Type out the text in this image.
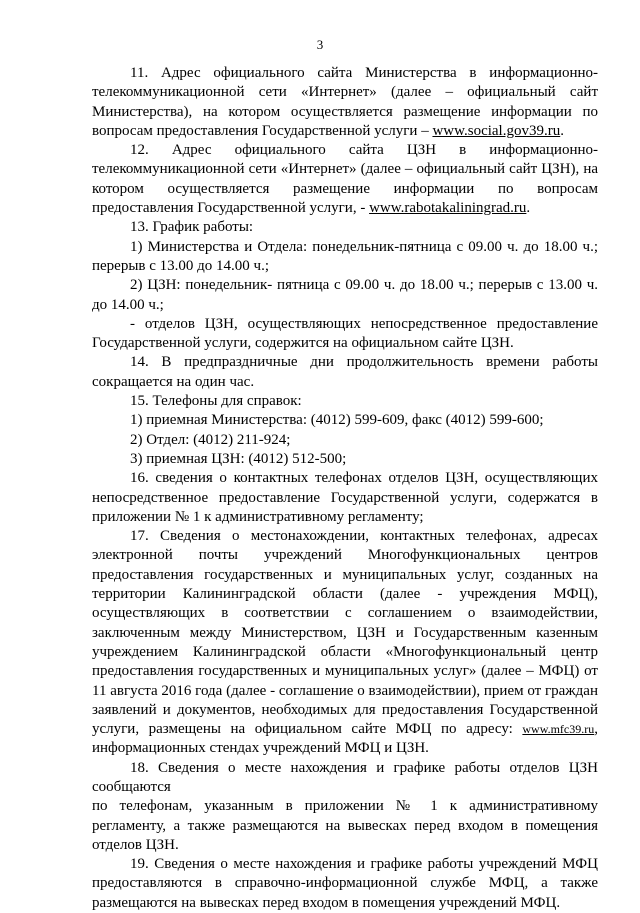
3

11. Адрес официального сайта Министерства в информационно-телекоммуникационной сети «Интернет» (далее – официальный сайт Министерства), на котором осуществляется размещение информации по вопросам предоставления Государственной услуги – www.social.gov39.ru.

12. Адрес официального сайта ЦЗН в информационно-телекоммуникационной сети «Интернет» (далее – официальный сайт ЦЗН), на котором осуществляется размещение информации по вопросам предоставления Государственной услуги, - www.rabotakaliningrad.ru.

13. График работы:

1) Министерства и Отдела: понедельник-пятница с 09.00 ч. до 18.00 ч.; перерыв с 13.00 до 14.00 ч.;

2) ЦЗН: понедельник- пятница с 09.00 ч. до 18.00 ч.; перерыв с 13.00 ч. до 14.00 ч.;

- отделов ЦЗН, осуществляющих непосредственное предоставление Государственной услуги, содержится на официальном сайте ЦЗН.

14. В предпраздничные дни продолжительность времени работы сокращается на один час.

15. Телефоны для справок:

1) приемная Министерства: (4012) 599-609, факс (4012) 599-600;

2) Отдел: (4012) 211-924;

3) приемная ЦЗН: (4012) 512-500;

16. сведения о контактных телефонах отделов ЦЗН, осуществляющих непосредственное предоставление Государственной услуги, содержатся в приложении № 1 к административному регламенту;

17. Сведения о местонахождении, контактных телефонах, адресах электронной почты учреждений Многофункциональных центров предоставления государственных и муниципальных услуг, созданных на территории Калининградской области (далее - учреждения МФЦ), осуществляющих в соответствии с соглашением о взаимодействии, заключенным между Министерством, ЦЗН и Государственным казенным учреждением Калининградской области «Многофункциональный центр предоставления государственных и муниципальных услуг» (далее – МФЦ) от 11 августа 2016 года (далее - соглашение о взаимодействии), прием от граждан заявлений и документов, необходимых для предоставления Государственной услуги, размещены на официальном сайте МФЦ по адресу: www.mfc39.ru, информационных стендах учреждений МФЦ и ЦЗН.

18. Сведения о месте нахождения и графике работы отделов ЦЗН сообщаются

по телефонам, указанным в приложении № 1 к административному регламенту, а также размещаются на вывесках перед входом в помещения отделов ЦЗН.

19. Сведения о месте нахождения и графике работы учреждений МФЦ предоставляются в справочно-информационной службе МФЦ, а также размещаются на вывесках перед входом в помещения учреждений МФЦ.
